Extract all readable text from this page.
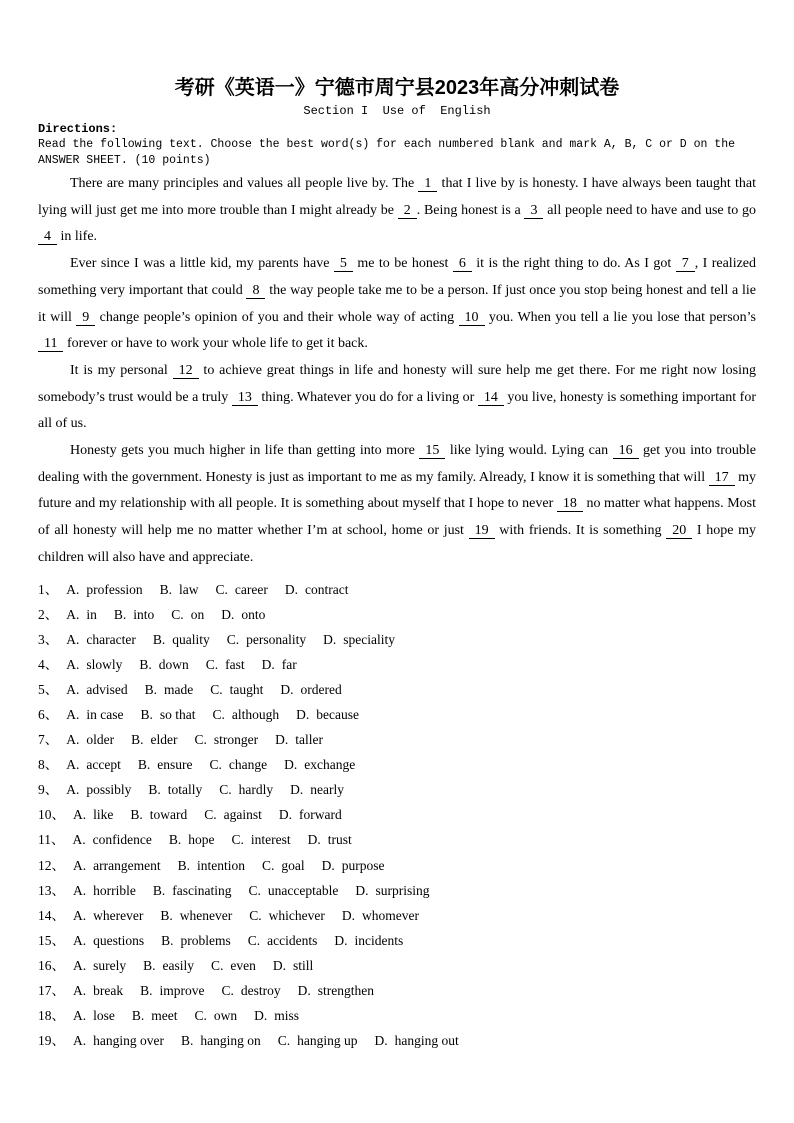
考研《英语一》宁德市周宁县2023年高分冲刺试卷
Section I  Use of  English
Directions:
Read the following text. Choose the best word(s) for each numbered blank and mark A, B, C or D on the ANSWER SHEET. (10 points)

There are many principles and values all people live by. The 1 that I live by is honesty. I have always been taught that lying will just get me into more trouble than I might already be 2 . Being honest is a 3 all people need to have and use to go 4 in life.

Ever since I was a little kid, my parents have 5 me to be honest 6 it is the right thing to do. As I got 7 , I realized something very important that could 8 the way people take me to be a person. If just once you stop being honest and tell a lie it will 9 change people’s opinion of you and their whole way of acting 10 you. When you tell a lie you lose that person’s 11 forever or have to work your whole life to get it back.

It is my personal 12 to achieve great things in life and honesty will sure help me get there. For me right now losing somebody’s trust would be a truly 13 thing. Whatever you do for a living or 14 you live, honesty is something important for all of us.

Honesty gets you much higher in life than getting into more 15 like lying would. Lying can 16 get you into trouble dealing with the government. Honesty is just as important to me as my family. Already, I know it is something that will 17 my future and my relationship with all people. It is something about myself that I hope to never 18 no matter what happens. Most of all honesty will help me no matter whether I’m at school, home or just 19 with friends. It is something 20 I hope my children will also have and appreciate.

1、 A. profession B. law C. career D. contract
2、 A. in B. into C. on D. onto
3、 A. character B. quality C. personality D. speciality
4、 A. slowly B. down C. fast D. far
5、 A. advised B. made C. taught D. ordered
6、 A. in case B. so that C. although D. because
7、 A. older B. elder C. stronger D. taller
8、 A. accept B. ensure C. change D. exchange
9、 A. possibly B. totally C. hardly D. nearly
10、 A. like B. toward C. against D. forward
11、 A. confidence B. hope C. interest D. trust
12、 A. arrangement B. intention C. goal D. purpose
13、 A. horrible B. fascinating C. unacceptable D. surprising
14、 A. wherever B. whenever C. whichever D. whomever
15、 A. questions B. problems C. accidents D. incidents
16、 A. surely B. easily C. even D. still
17、 A. break B. improve C. destroy D. strengthen
18、 A. lose B. meet C. own D. miss
19、 A. hanging over B. hanging on C. hanging up D. hanging out
